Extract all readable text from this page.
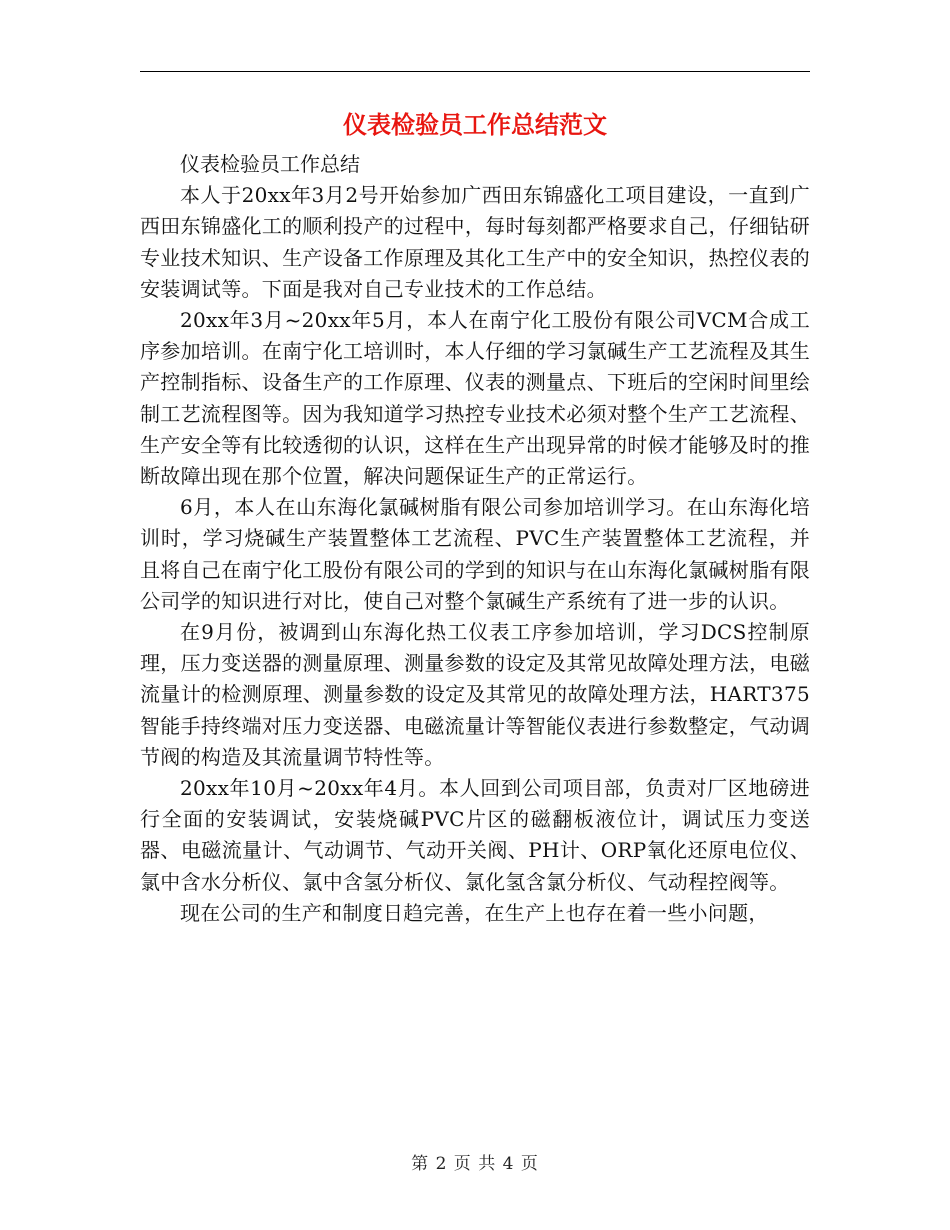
仪表检验员工作总结范文

仪表检验员工作总结

本人于20xx年3月2号开始参加广西田东锦盛化工项目建设，一直到广西田东锦盛化工的顺利投产的过程中，每时每刻都严格要求自己，仔细钻研专业技术知识、生产设备工作原理及其化工生产中的安全知识，热控仪表的安装调试等。下面是我对自己专业技术的工作总结。

20xx年3月~20xx年5月，本人在南宁化工股份有限公司VCM合成工序参加培训。在南宁化工培训时，本人仔细的学习氯碱生产工艺流程及其生产控制指标、设备生产的工作原理、仪表的测量点、下班后的空闲时间里绘制工艺流程图等。因为我知道学习热控专业技术必须对整个生产工艺流程、生产安全等有比较透彻的认识，这样在生产出现异常的时候才能够及时的推断故障出现在那个位置，解决问题保证生产的正常运行。

6月，本人在山东海化氯碱树脂有限公司参加培训学习。在山东海化培训时，学习烧碱生产装置整体工艺流程、PVC生产装置整体工艺流程，并且将自己在南宁化工股份有限公司的学到的知识与在山东海化氯碱树脂有限公司学的知识进行对比，使自己对整个氯碱生产系统有了进一步的认识。

在9月份，被调到山东海化热工仪表工序参加培训，学习DCS控制原理，压力变送器的测量原理、测量参数的设定及其常见故障处理方法，电磁流量计的检测原理、测量参数的设定及其常见的故障处理方法，HART375智能手持终端对压力变送器、电磁流量计等智能仪表进行参数整定，气动调节阀的构造及其流量调节特性等。

20xx年10月~20xx年4月。本人回到公司项目部，负责对厂区地磅进行全面的安装调试，安装烧碱PVC片区的磁翻板液位计，调试压力变送器、电磁流量计、气动调节、气动开关阀、PH计、ORP氧化还原电位仪、氯中含水分析仪、氯中含氢分析仪、氯化氢含氯分析仪、气动程控阀等。

现在公司的生产和制度日趋完善，在生产上也存在着一些小问题，

第 2 页 共 4 页
